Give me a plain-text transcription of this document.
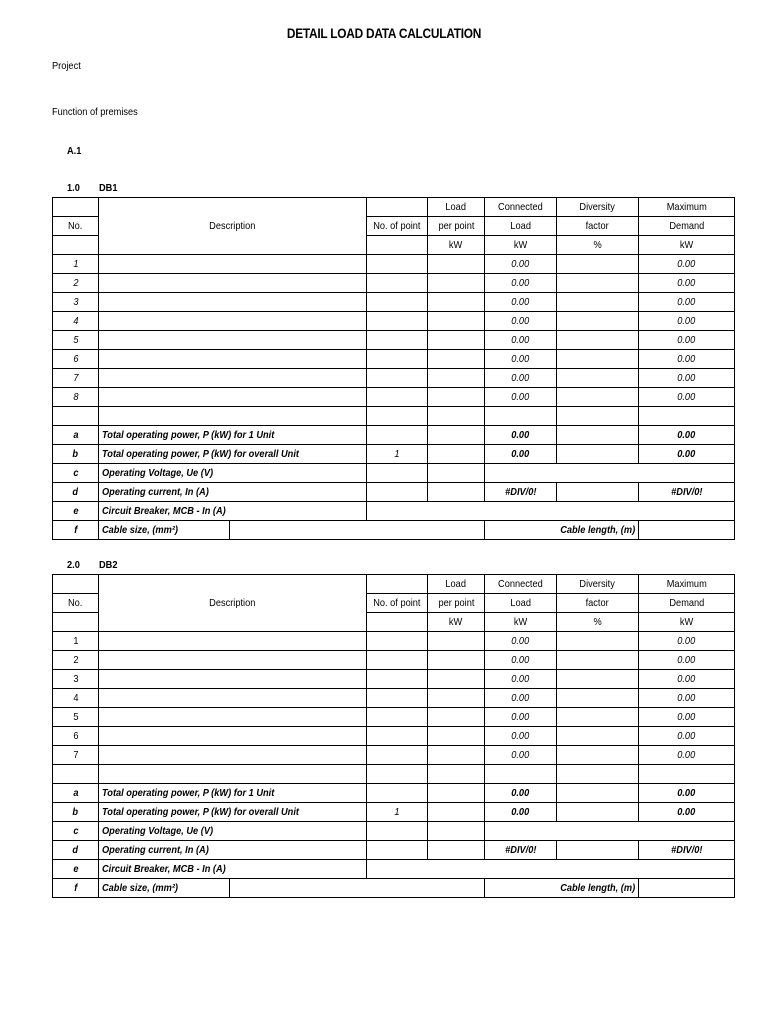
DETAIL LOAD DATA CALCULATION
Project
Function of premises
A.1
1.0 DB1
				Load	Connected	Diversity	Maximum
No.	Description		No. of point	per point	Load	factor	Demand
				kW	kW	%	kW
1					0.00		0.00
2					0.00		0.00
3					0.00		0.00
4					0.00		0.00
5					0.00		0.00
6					0.00		0.00
7					0.00		0.00
8					0.00		0.00

a	Total operating power, P (kW) for 1 Unit				0.00		0.00
b	Total operating power, P (kW) for overall Unit		1		0.00		0.00
c	Operating Voltage, Ue (V)						
d	Operating current, In (A)				#DIV/0!		#DIV/0!
e	Circuit Breaker, MCB - In (A)						
f	Cable size, (mm²)				Cable length, (m)		
2.0 DB2
				Load	Connected	Diversity	Maximum
No.	Description		No. of point	per point	Load	factor	Demand
				kW	kW	%	kW
1					0.00		0.00
2					0.00		0.00
3					0.00		0.00
4					0.00		0.00
5					0.00		0.00
6					0.00		0.00
7					0.00		0.00

a	Total operating power, P (kW) for 1 Unit				0.00		0.00
b	Total operating power, P (kW) for overall Unit		1		0.00		0.00
c	Operating Voltage, Ue (V)						
d	Operating current, In (A)				#DIV/0!		#DIV/0!
e	Circuit Breaker, MCB - In (A)						
f	Cable size, (mm²)				Cable length, (m)		
